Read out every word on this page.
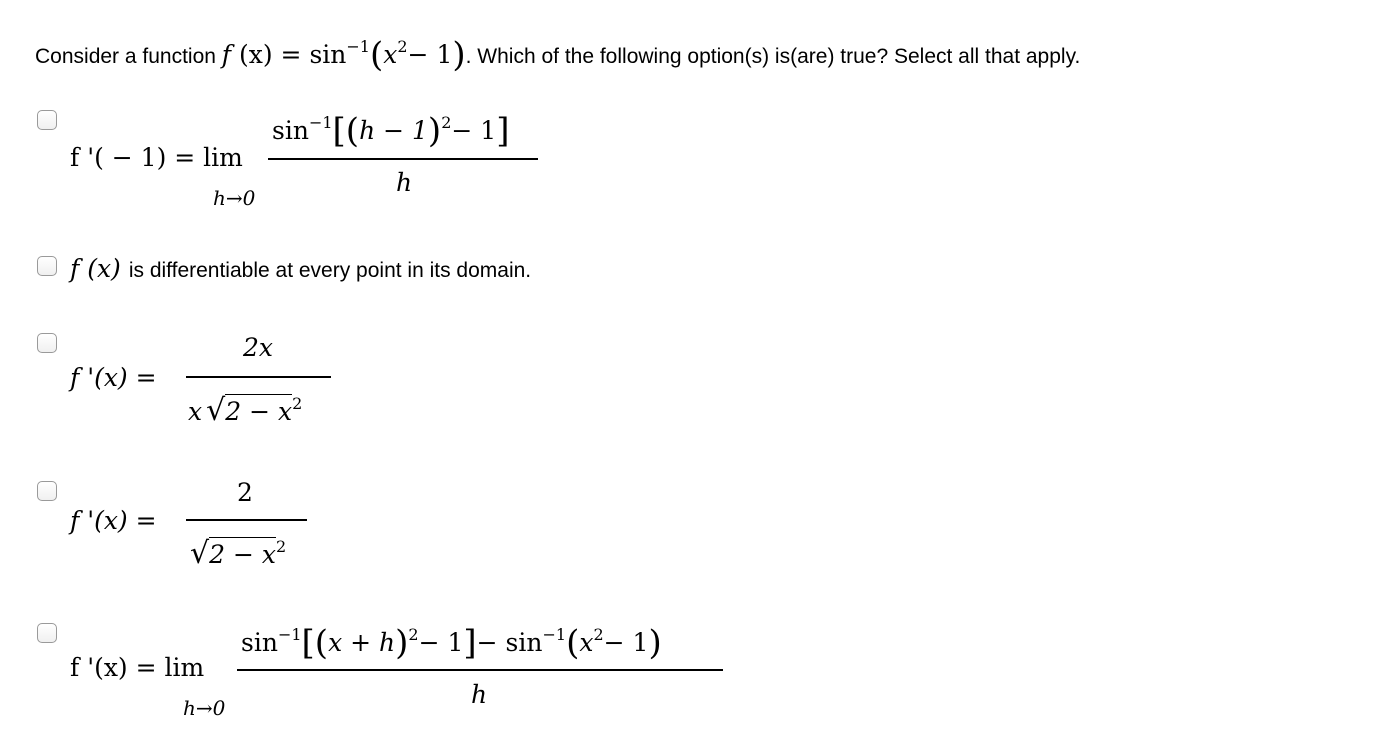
Consider a function f (x) = sin−1(x2− 1). Which of the following option(s) is(are) true? Select all that apply.
f '( − 1) = lim
h→0
sin−1[(h − 1)2− 1]
h
f (x) is differentiable at every point in its domain.
f '(x) =
2x
x √2 − x2
f '(x) =
2
√2 − x2
f '(x) = lim
h→0
sin−1[(x + h)2− 1]− sin−1(x2− 1)
h
